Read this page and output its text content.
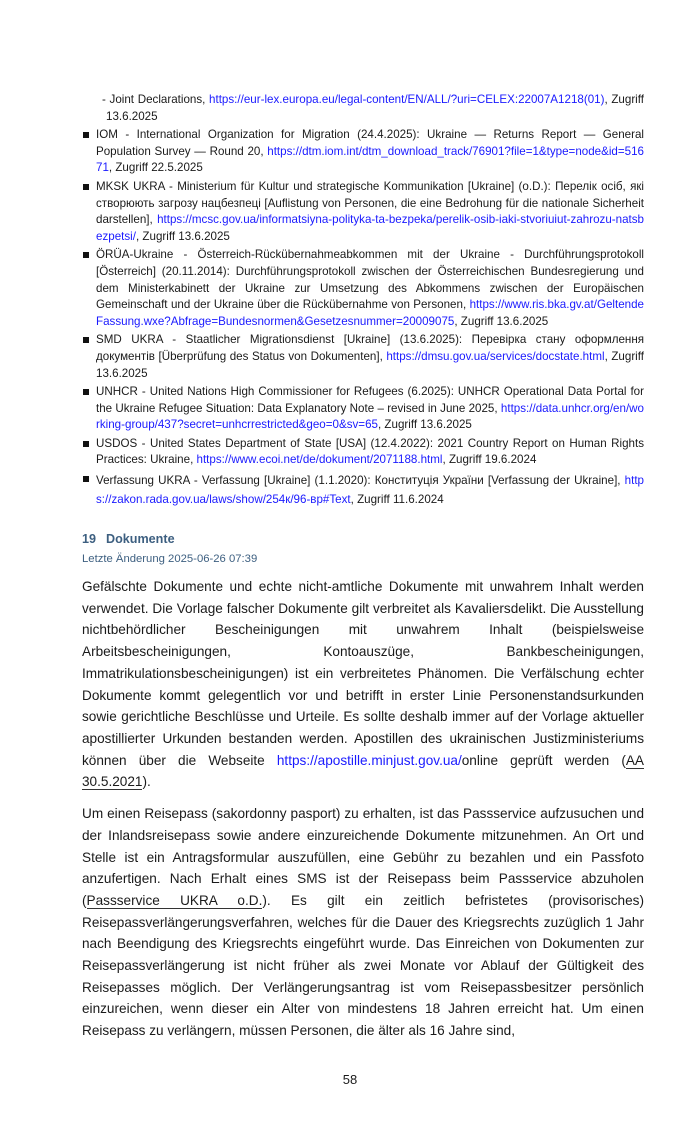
- Joint Declarations, https://eur-lex.europa.eu/legal-content/EN/ALL/?uri=CELEX:22007A1218(01), Zugriff 13.6.2025
IOM - International Organization for Migration (24.4.2025): Ukraine — Returns Report — General Population Survey — Round 20, https://dtm.iom.int/dtm_download_track/76901?file=1&type=node&id=51671, Zugriff 22.5.2025
MKSK UKRA - Ministerium für Kultur und strategische Kommunikation [Ukraine] (o.D.): Перелік осіб, які створюють загрозу нацбезпеці [Auflistung von Personen, die eine Bedrohung für die nationale Sicherheit darstellen], https://mcsc.gov.ua/informatsiyna-polityka-ta-bezpeka/perelik-osib-iaki-stvoriuiut-zahrozu-natsbezpetsi/, Zugriff 13.6.2025
ÖRÜA-Ukraine - Österreich-Rückübernahmeabkommen mit der Ukraine - Durchführungsprotokoll [Österreich] (20.11.2014): Durchführungsprotokoll zwischen der Österreichischen Bundesregierung und dem Ministerkabinett der Ukraine zur Umsetzung des Abkommens zwischen der Europäischen Gemeinschaft und der Ukraine über die Rückübernahme von Personen, https://www.ris.bka.gv.at/GeltendeFassung.wxe?Abfrage=Bundesnormen&Gesetzesnummer=20009075, Zugriff 13.6.2025
SMD UKRA - Staatlicher Migrationsdienst [Ukraine] (13.6.2025): Перевірка стану оформлення документів [Überprüfung des Status von Dokumenten], https://dmsu.gov.ua/services/docstate.html, Zugriff 13.6.2025
UNHCR - United Nations High Commissioner for Refugees (6.2025): UNHCR Operational Data Portal for the Ukraine Refugee Situation: Data Explanatory Note – revised in June 2025, https://data.unhcr.org/en/working-group/437?secret=unhcrrestricted&geo=0&sv=65, Zugriff 13.6.2025
USDOS - United States Department of State [USA] (12.4.2022): 2021 Country Report on Human Rights Practices: Ukraine, https://www.ecoi.net/de/dokument/2071188.html, Zugriff 19.6.2024
Verfassung UKRA - Verfassung [Ukraine] (1.1.2020): Конституція України [Verfassung der Ukraine], https://zakon.rada.gov.ua/laws/show/254к/96-вр#Text, Zugriff 11.6.2024
19 Dokumente
Letzte Änderung 2025-06-26 07:39

Gefälschte Dokumente und echte nicht-amtliche Dokumente mit unwahrem Inhalt werden verwendet. Die Vorlage falscher Dokumente gilt verbreitet als Kavaliersdelikt. Die Ausstellung nichtbehördlicher Bescheinigungen mit unwahrem Inhalt (beispielsweise Arbeitsbescheinigungen, Kontoauszüge, Bankbescheinigungen, Immatrikulationsbescheinigungen) ist ein verbreitetes Phänomen. Die Verfälschung echter Dokumente kommt gelegentlich vor und betrifft in erster Linie Personenstandsurkunden sowie gerichtliche Beschlüsse und Urteile. Es sollte deshalb immer auf der Vorlage aktueller apostillierter Urkunden bestanden werden. Apostillen des ukrainischen Justizministeriums können über die Webseite https://apostille.minjust.gov.ua/online geprüft werden (AA 30.5.2021).

Um einen Reisepass (sakordonny pasport) zu erhalten, ist das Passservice aufzusuchen und der Inlandsreisepass sowie andere einzureichende Dokumente mitzunehmen. An Ort und Stelle ist ein Antragsformular auszufüllen, eine Gebühr zu bezahlen und ein Passfoto anzufertigen. Nach Erhalt eines SMS ist der Reisepass beim Passservice abzuholen (Passservice UKRA o.D.). Es gilt ein zeitlich befristetes (provisorisches) Reisepassverlängerungsverfahren, welches für die Dauer des Kriegsrechts zuzüglich 1 Jahr nach Beendigung des Kriegsrechts eingeführt wurde. Das Einreichen von Dokumenten zur Reisepassverlängerung ist nicht früher als zwei Monate vor Ablauf der Gültigkeit des Reisepasses möglich. Der Verlängerungsantrag ist vom Reisepassbesitzer persönlich einzureichen, wenn dieser ein Alter von mindestens 18 Jahren erreicht hat. Um einen Reisepass zu verlängern, müssen Personen, die älter als 16 Jahre sind,

58
